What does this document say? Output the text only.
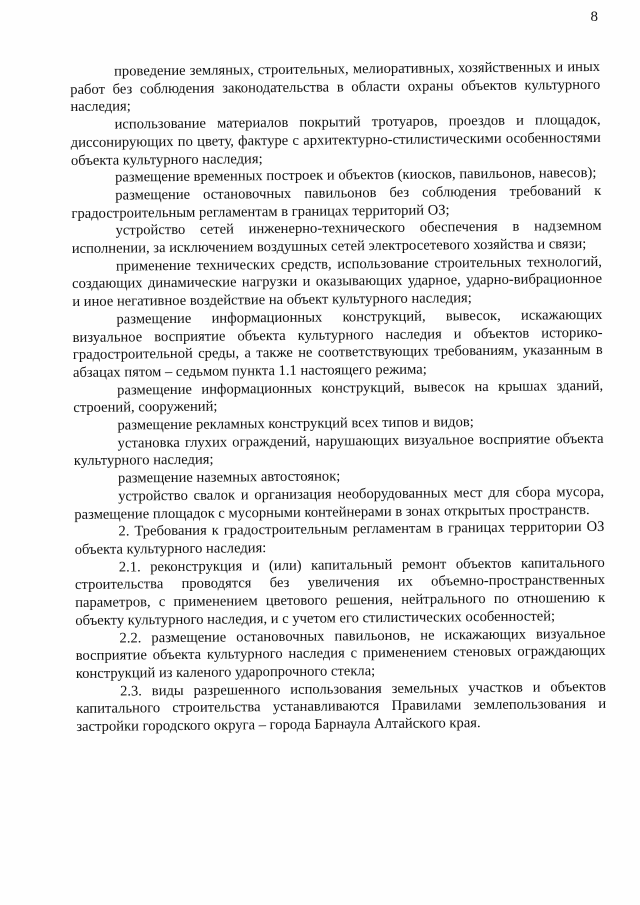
8

проведение земляных, строительных, мелиоративных, хозяйственных и иных работ без соблюдения законодательства в области охраны объектов культурного наследия;

использование материалов покрытий тротуаров, проездов и площадок, диссонирующих по цвету, фактуре с архитектурно-стилистическими особенностями объекта культурного наследия;

размещение временных построек и объектов (киосков, павильонов, навесов);

размещение остановочных павильонов без соблюдения требований к градостроительным регламентам в границах территорий ОЗ;

устройство сетей инженерно-технического обеспечения в надземном исполнении, за исключением воздушных сетей электросетевого хозяйства и связи;

применение технических средств, использование строительных технологий, создающих динамические нагрузки и оказывающих ударное, ударно-вибрационное и иное негативное воздействие на объект культурного наследия;

размещение информационных конструкций, вывесок, искажающих визуальное восприятие объекта культурного наследия и объектов историко-градостроительной среды, а также не соответствующих требованиям, указанным в абзацах пятом – седьмом пункта 1.1 настоящего режима;

размещение информационных конструкций, вывесок на крышах зданий, строений, сооружений;

размещение рекламных конструкций всех типов и видов;

установка глухих ограждений, нарушающих визуальное восприятие объекта культурного наследия;

размещение наземных автостоянок;

устройство свалок и организация необорудованных мест для сбора мусора, размещение площадок с мусорными контейнерами в зонах открытых пространств.

2. Требования к градостроительным регламентам в границах территории ОЗ объекта культурного наследия:

2.1. реконструкция и (или) капитальный ремонт объектов капитального строительства проводятся без увеличения их объемно-пространственных параметров, с применением цветового решения, нейтрального по отношению к объекту культурного наследия, и с учетом его стилистических особенностей;

2.2. размещение остановочных павильонов, не искажающих визуальное восприятие объекта культурного наследия с применением стеновых ограждающих конструкций из каленого ударопрочного стекла;

2.3. виды разрешенного использования земельных участков и объектов капитального строительства устанавливаются Правилами землепользования и застройки городского округа – города Барнаула Алтайского края.
